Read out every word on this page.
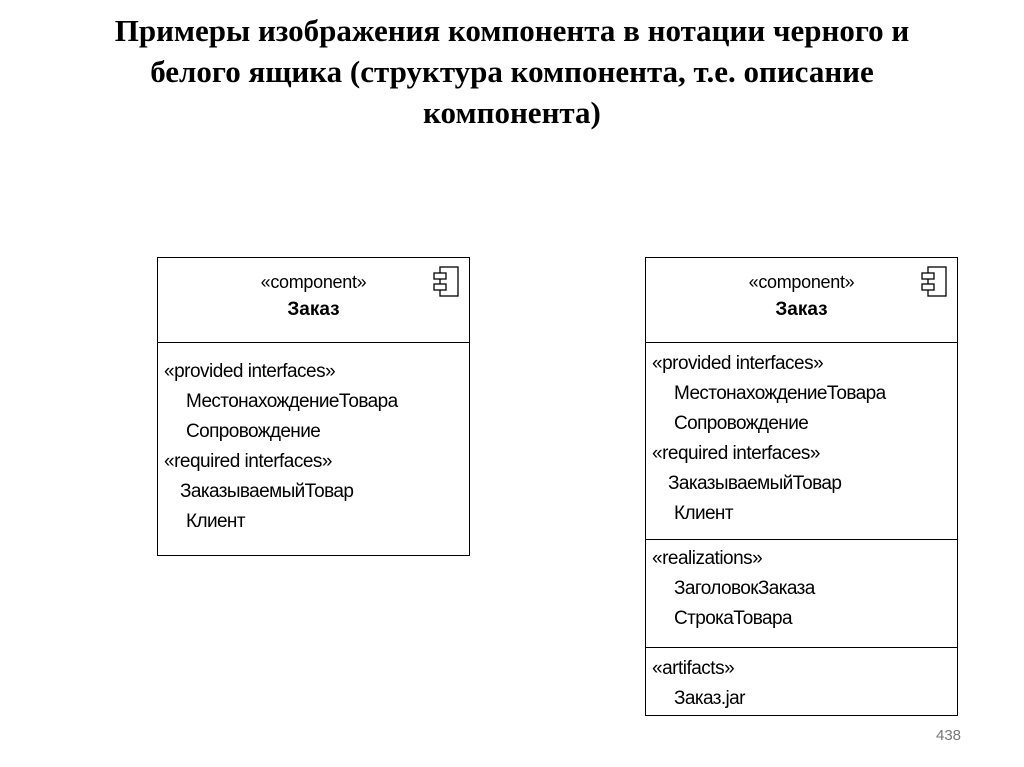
Примеры изображения компонента в нотации черного и
белого ящика (структура компонента, т.е. описание
компонента)
«component»
Заказ
«provided interfaces»
МестонахождениеТовара
Сопровождение
«required interfaces»
ЗаказываемыйТовар
Клиент
«component»
Заказ
«provided interfaces»
МестонахождениеТовара
Сопровождение
«required interfaces»
ЗаказываемыйТовар
Клиент
«realizations»
ЗаголовокЗаказа
СтрокаТовара
«artifacts»
Заказ.jar
438
